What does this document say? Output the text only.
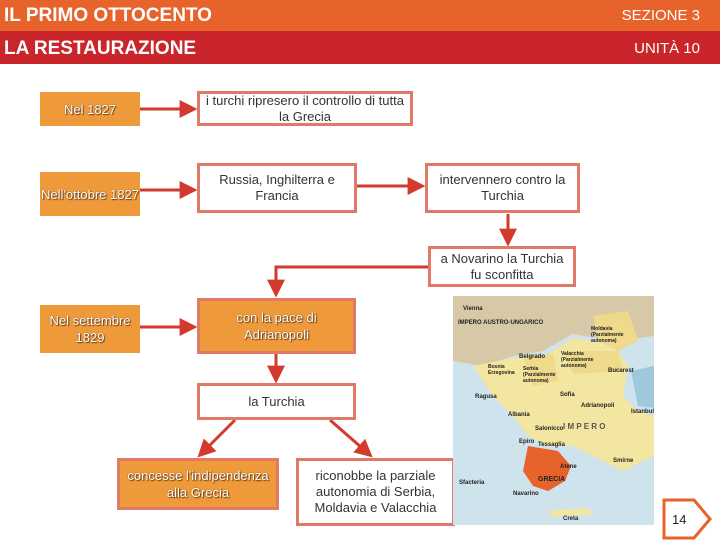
IL PRIMO OTTOCENTO	SEZIONE 3
LA RESTAURAZIONE	UNITÀ 10
Nel 1827
Nell'ottobre 1827
Nel settembre 1829
i turchi ripresero il controllo di tutta la Grecia
Russia, Inghilterra e Francia
intervennero contro la Turchia
a Novarino la Turchia fu sconfitta
con la pace di Adrianopoli
la Turchia
concesse l'indipendenza alla Grecia
riconobbe la parziale autonomia di Serbia, Moldavia e Valacchia
Vienna
IMPERO AUSTRO-UNGARICO
Moldavia (Parzialmente autonoma)
Valacchia (Parzialmente autonoma)
Belgrado
Serbia (Parzialmente autonoma)
Bosnia Erzegovina	Bucarest
Ragusa	Sofia
Adrianopoli
Istanbul
Albania
Salonicco I M P E R O
Epiro Tessaglia
Smirne
Atene
GRECIA
Sfacteria
Navarino
Creta	14
